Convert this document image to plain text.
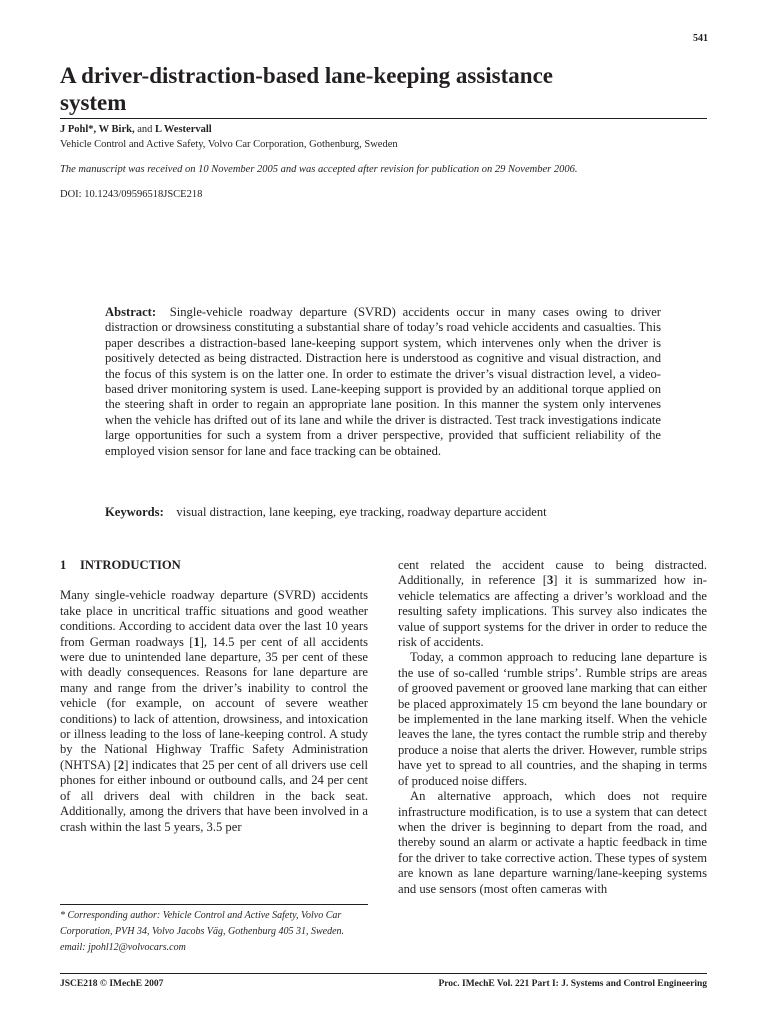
541
A driver-distraction-based lane-keeping assistance system
J Pohl*, W Birk, and L Westervall
Vehicle Control and Active Safety, Volvo Car Corporation, Gothenburg, Sweden
The manuscript was received on 10 November 2005 and was accepted after revision for publication on 29 November 2006.
DOI: 10.1243/09596518JSCE218

Abstract:  Single-vehicle roadway departure (SVRD) accidents occur in many cases owing to driver distraction or drowsiness constituting a substantial share of today’s road vehicle accidents and casualties. This paper describes a distraction-based lane-keeping support system, which intervenes only when the driver is positively detected as being distracted. Distraction here is understood as cognitive and visual distraction, and the focus of this system is on the latter one. In order to estimate the driver’s visual distraction level, a video-based driver monitoring system is used. Lane-keeping support is provided by an additional torque applied on the steering shaft in order to regain an appropriate lane position. In this manner the system only intervenes when the vehicle has drifted out of its lane and while the driver is distracted. Test track investigations indicate large opportunities for such a system from a driver perspective, provided that sufficient reliability of the employed vision sensor for lane and face tracking can be obtained.

Keywords:    visual distraction, lane keeping, eye tracking, roadway departure accident

1 INTRODUCTION

Many single-vehicle roadway departure (SVRD) accidents take place in uncritical traffic situations and good weather conditions. According to accident data over the last 10 years from German roadways [1], 14.5 per cent of all accidents were due to unintended lane departure, 35 per cent of these with deadly consequences. Reasons for lane departure are many and range from the driver’s inability to control the vehicle (for example, on account of severe weather conditions) to lack of attention, drowsiness, and intoxication or illness leading to the loss of lane-keeping control. A study by the National Highway Traffic Safety Administration (NHTSA) [2] indicates that 25 per cent of all drivers use cell phones for either inbound or outbound calls, and 24 per cent of all drivers deal with children in the back seat. Additionally, among the drivers that have been involved in a crash within the last 5 years, 3.5 per

* Corresponding author: Vehicle Control and Active Safety, Volvo Car Corporation, PVH 34, Volvo Jacobs Väg, Gothenburg 405 31, Sweden. email: jpohl12@volvocars.com

cent related the accident cause to being distracted. Additionally, in reference [3] it is summarized how in-vehicle telematics are affecting a driver’s workload and the resulting safety implications. This survey also indicates the value of support systems for the driver in order to reduce the risk of accidents.

Today, a common approach to reducing lane departure is the use of so-called ‘rumble strips’. Rumble strips are areas of grooved pavement or grooved lane marking that can either be placed approximately 15 cm beyond the lane boundary or be implemented in the lane marking itself. When the vehicle leaves the lane, the tyres contact the rumble strip and thereby produce a noise that alerts the driver. However, rumble strips have yet to spread to all countries, and the shaping in terms of produced noise differs.

An alternative approach, which does not require infrastructure modification, is to use a system that can detect when the driver is beginning to depart from the road, and thereby sound an alarm or activate a haptic feedback in time for the driver to take corrective action. These types of system are known as lane departure warning/lane-keeping systems and use sensors (most often cameras with

JSCE218 © IMechE 2007	Proc. IMechE Vol. 221 Part I: J. Systems and Control Engineering
